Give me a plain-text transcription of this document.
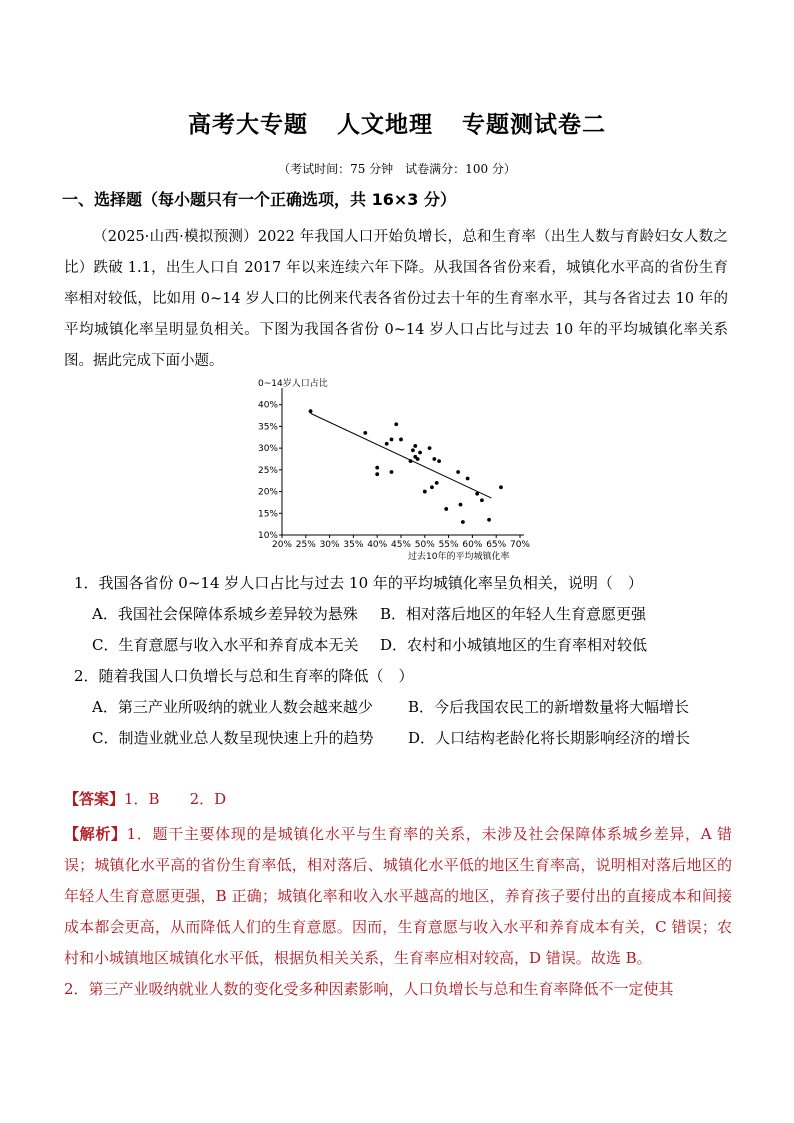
高考大专题 人文地理 专题测试卷二
（考试时间：75 分钟　试卷满分：100 分）
一、选择题（每小题只有一个正确选项，共 16×3 分）
（2025·山西·模拟预测）2022 年我国人口开始负增长，总和生育率（出生人数与育龄妇女人数之比）跌破 1.1，出生人口自 2017 年以来连续六年下降。从我国各省份来看，城镇化水平高的省份生育率相对较低，比如用 0~14 岁人口的比例来代表各省份过去十年的生育率水平，其与各省过去 10 年的平均城镇化率呈明显负相关。下图为我国各省份 0~14 岁人口占比与过去 10 年的平均城镇化率关系图。据此完成下面小题。
0~14岁人口占比
过去10年的平均城镇化率
20% 25% 30% 35% 40% 45% 50% 55% 60% 65% 70%
10%
15%
20%
25%
30%
35%
40%
1．我国各省份 0~14 岁人口占比与过去 10 年的平均城镇化率呈负相关，说明（　）
A．我国社会保障体系城乡差异较为悬殊 B．相对落后地区的年轻人生育意愿更强
C．生育意愿与收入水平和养育成本无关 D．农村和小城镇地区的生育率相对较低
2．随着我国人口负增长与总和生育率的降低（　）
A．第三产业所吸纳的就业人数会越来越少 B．今后我国农民工的新增数量将大幅增长
C．制造业就业总人数呈现快速上升的趋势 D．人口结构老龄化将长期影响经济的增长
【答案】1．B　　2．D
【解析】1．题干主要体现的是城镇化水平与生育率的关系，未涉及社会保障体系城乡差异，A 错误；城镇化水平高的省份生育率低，相对落后、城镇化水平低的地区生育率高，说明相对落后地区的年轻人生育意愿更强，B 正确；城镇化率和收入水平越高的地区，养育孩子要付出的直接成本和间接成本都会更高，从而降低人们的生育意愿。因而，生育意愿与收入水平和养育成本有关，C 错误；农村和小城镇地区城镇化水平低，根据负相关关系，生育率应相对较高，D 错误。故选 B。
2．第三产业吸纳就业人数的变化受多种因素影响，人口负增长与总和生育率降低不一定使其
